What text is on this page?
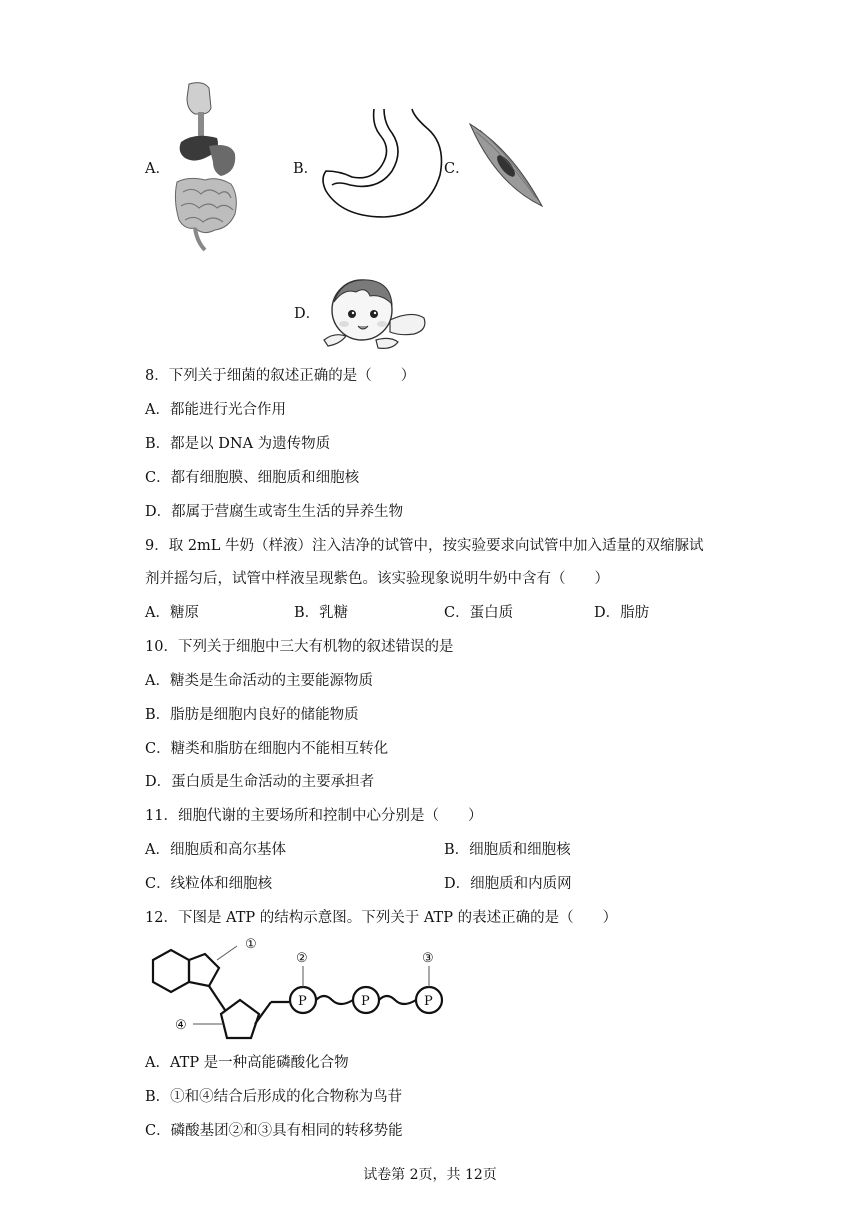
A．	B．	C．
D．
8．下列关于细菌的叙述正确的是（　　）
A．都能进行光合作用
B．都是以 DNA 为遗传物质
C．都有细胞膜、细胞质和细胞核
D．都属于营腐生或寄生生活的异养生物
9．取 2mL 牛奶（样液）注入洁净的试管中，按实验要求向试管中加入适量的双缩脲试
剂并摇匀后，试管中样液呈现紫色。该实验现象说明牛奶中含有（　　）
A．糖原	B．乳糖	C．蛋白质	D．脂肪
10．下列关于细胞中三大有机物的叙述错误的是
A．糖类是生命活动的主要能源物质
B．脂肪是细胞内良好的储能物质
C．糖类和脂肪在细胞内不能相互转化
D．蛋白质是生命活动的主要承担者
11．细胞代谢的主要场所和控制中心分别是（　　）
A．细胞质和高尔基体	B．细胞质和细胞核
C．线粒体和细胞核	D．细胞质和内质网
12．下图是 ATP 的结构示意图。下列关于 ATP 的表述正确的是（　　）
①
②	③
④
P	P	P
A．ATP 是一种高能磷酸化合物
B．①和④结合后形成的化合物称为鸟苷
C．磷酸基团②和③具有相同的转移势能
试卷第 2页，共 12页
